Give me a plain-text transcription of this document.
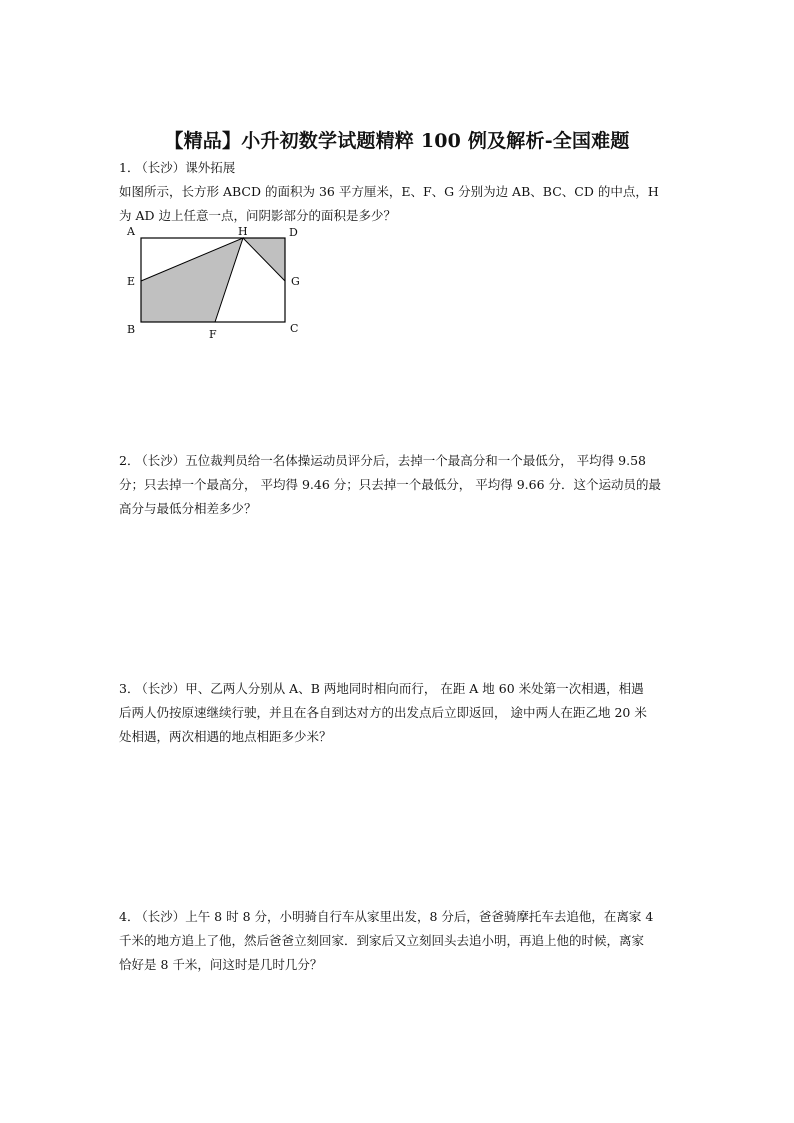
【精品】小升初数学试题精粹 100 例及解析-全国难题

1． （长沙）课外拓展

如图所示，长方形 ABCD 的面积为 36 平方厘米，E、F、G 分别为边 AB、BC、CD 的中点，H

为 AD 边上任意一点，问阴影部分的面积是多少？

A	H	D
E	G
B	C
F

2． （长沙）五位裁判员给一名体操运动员评分后，去掉一个最高分和一个最低分， 平均得 9.58

分；只去掉一个最高分， 平均得 9.46 分；只去掉一个最低分， 平均得 9.66 分．这个运动员的最

高分与最低分相差多少？

3． （长沙）甲、乙两人分别从 A、B 两地同时相向而行， 在距 A 地 60 米处第一次相遇，相遇

后两人仍按原速继续行驶，并且在各自到达对方的出发点后立即返回， 途中两人在距乙地 20 米

处相遇，两次相遇的地点相距多少米？

4． （长沙）上午 8 时 8 分，小明骑自行车从家里出发，8 分后，爸爸骑摩托车去追他，在离家 4

千米的地方追上了他，然后爸爸立刻回家．到家后又立刻回头去追小明，再追上他的时候，离家

恰好是 8 千米，问这时是几时几分？
